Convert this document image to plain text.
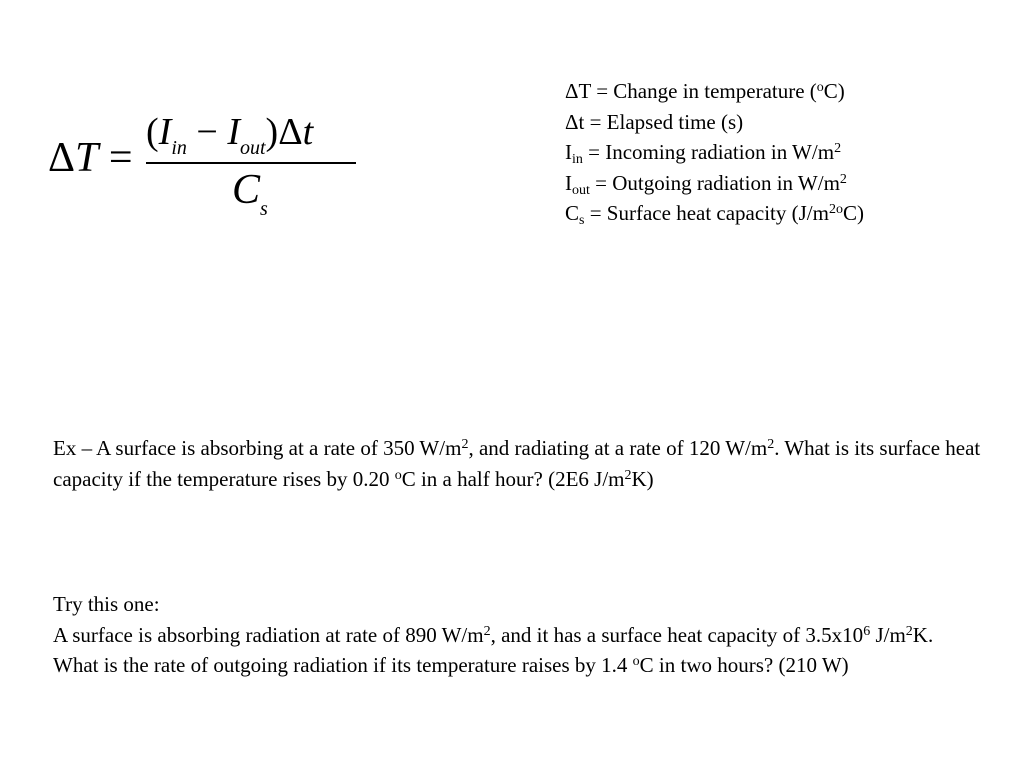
ΔT =
$(I_{in} - I_{out})\Delta t$
$C_s$
ΔT = Change in temperature ($^o$C)
Δt = Elapsed time (s)
$I_{in}$ = Incoming radiation in $W/m^2$
$I_{out}$ = Outgoing radiation in $W/m^2$
$C_s$ = Surface heat capacity $(J/m^{2o}C)$
Ex – A surface is absorbing at a rate of 350 $W/m^2$, and radiating at a rate of 120 $W/m^2$. What is its surface heat capacity if the temperature rises by 0.20 $^o$C in a half hour? (2E6 $J/m^2K$)
Try this one:
A surface is absorbing radiation at rate of 890 $W/m^2$, and it has a surface heat capacity of $3.5x10^6$ $J/m^2K$. What is the rate of outgoing radiation if its temperature raises by 1.4 $^o$C in two hours? (210 W)
